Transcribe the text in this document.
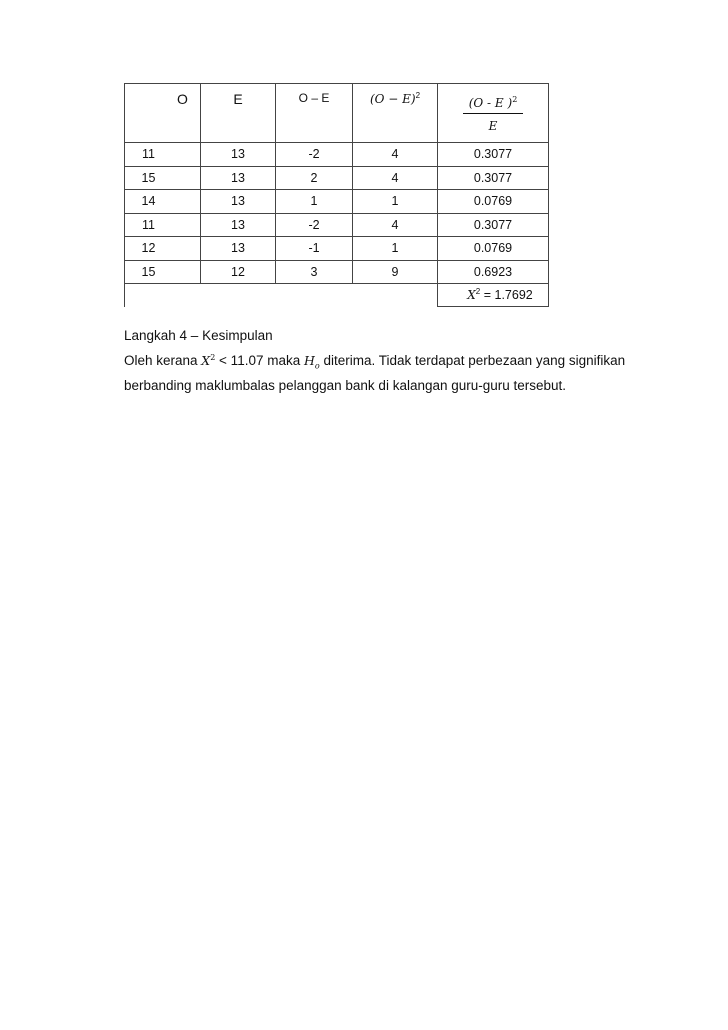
O	E	O – E	$(O - E)^2$	$\frac{(O - E )^2}{E}$

11	13	-2	4	0.3077
15	13	2	4	0.3077
14	13	1	1	0.0769
11	13	-2	4	0.3077
12	13	-1	1	0.0769
15	12	3	9	0.6923
				$X^2 = 1.7692$
Langkah 4 – Kesimpulan
Oleh kerana $X^2 < 11.07$ maka $H_o$ diterima. Tidak terdapat perbezaan yang signifikan
berbanding maklumbalas pelanggan bank di kalangan guru-guru tersebut.
